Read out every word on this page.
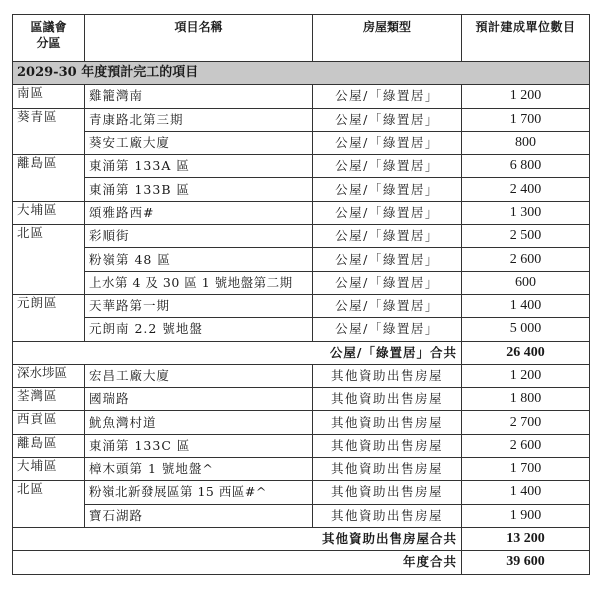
區議會
分區	項目名稱	房屋類型	預計建成單位數目
2029-30 年度預計完工的項目			
南區	雞籠灣南	公屋/「綠置居」	1 200
葵青區	青康路北第三期	公屋/「綠置居」	1 700
	葵安工廠大廈	公屋/「綠置居」	800
離島區	東涌第 133A 區	公屋/「綠置居」	6 800
	東涌第 133B 區	公屋/「綠置居」	2 400
大埔區	頌雅路西#	公屋/「綠置居」	1 300
北區	彩順街	公屋/「綠置居」	2 500
	粉嶺第 48 區	公屋/「綠置居」	2 600
	上水第 4 及 30 區 1 號地盤第二期	公屋/「綠置居」	600
元朗區	天華路第一期	公屋/「綠置居」	1 400
	元朗南 2.2 號地盤	公屋/「綠置居」	5 000
		公屋/「綠置居」合共	26 400
深水埗區	宏昌工廠大廈	其他資助出售房屋	1 200
荃灣區	國瑞路	其他資助出售房屋	1 800
西貢區	魷魚灣村道	其他資助出售房屋	2 700
離島區	東涌第 133C 區	其他資助出售房屋	2 600
大埔區	樟木頭第 1 號地盤^	其他資助出售房屋	1 700
北區	粉嶺北新發展區第 15 西區#^	其他資助出售房屋	1 400
	寶石湖路	其他資助出售房屋	1 900
其他資助出售房屋合共			13 200
年度合共			39 600
